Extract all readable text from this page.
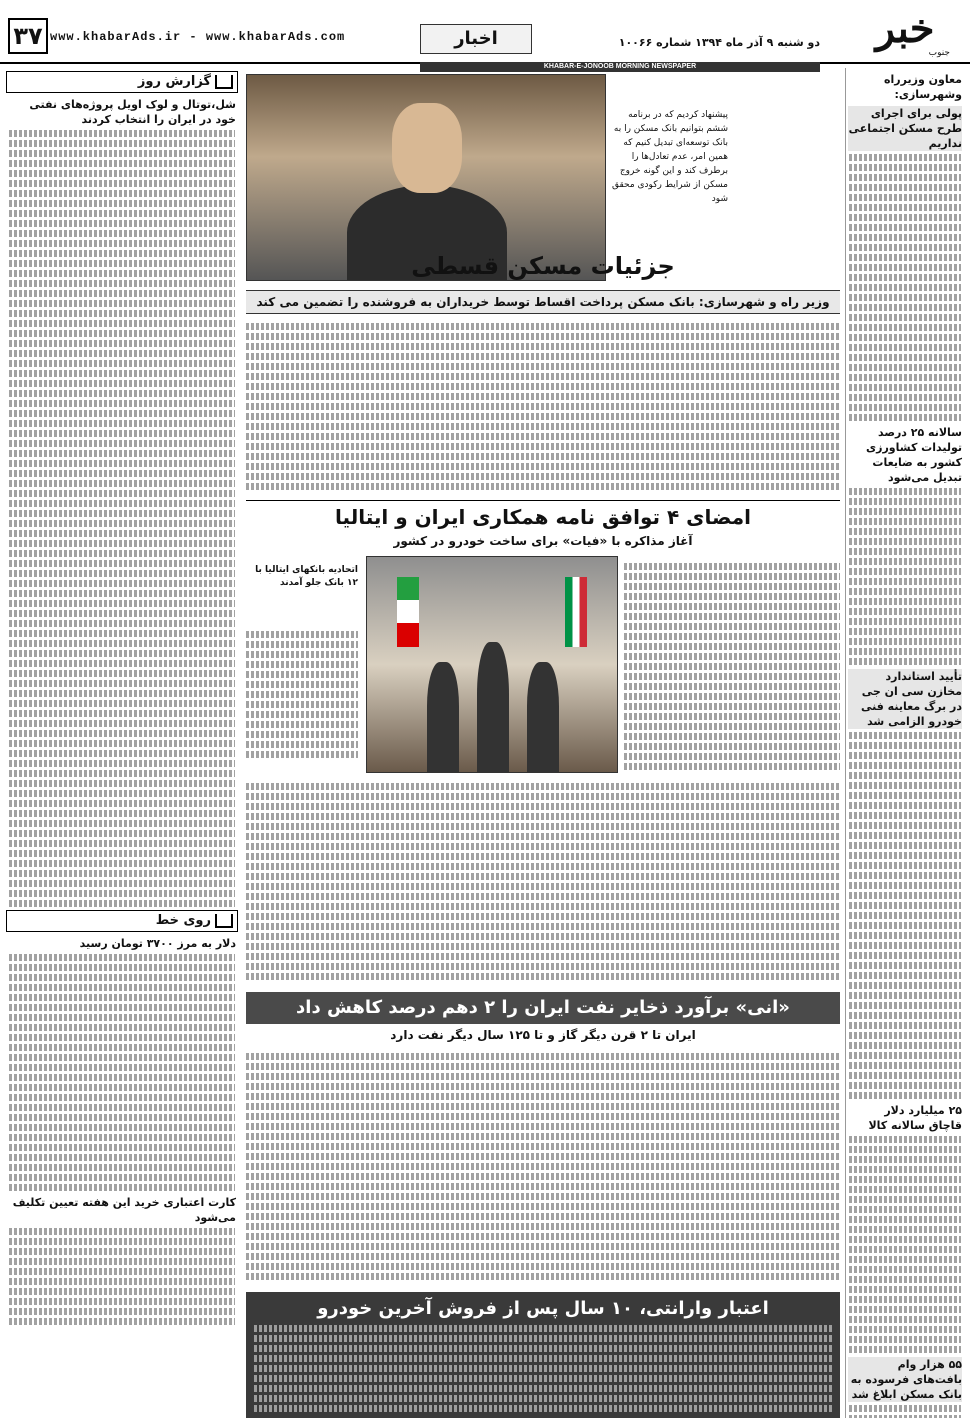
۳۷ www.khabarAds.ir - www.khabarAds.com	اخبار	دو شنبه ۹ آذر ماه ۱۳۹۴ شماره ۱۰۰۶۶	خبر
جنوب
KHABAR-E-JONOOB MORNING NEWSPAPER
معاون وزیرراه وشهرسازی:
پولی برای اجرای طرح مسکن اجتماعی نداریم
سالانه ۲۵ درصد تولیدات کشاورزی کشور به ضایعات تبدیل می‌شود
تأیید استاندارد مخازن سی ان جی در برگ معاینه فنی خودرو الزامی شد
۲۵ میلیارد دلار قاچاق سالانه کالا
۵۵ هزار وام بافت‌های فرسوده به بانک مسکن ابلاغ شد
گزارش روز
شل،توتال و لوک اویل پروژه‌های نفتی خود در ایران را انتخاب کردند
روی خط
دلار به مرز ۳۷۰۰ تومان رسید
کارت اعتباری خرید این هفته تعیین تکلیف می‌شود
پیشنهاد کردیم که در برنامه ششم بتوانیم بانک مسکن را به بانک توسعه‌ای تبدیل کنیم که همین امر، عدم تعادل‌ها را برطرف کند و این گونه خروج مسکن از شرایط رکودی محقق شود
جزئیات مسکن قسطی
وزیر راه و شهرسازی: بانک مسکن پرداخت اقساط توسط خریداران به فروشنده را تضمین می کند
امضای ۴ توافق نامه همکاری ایران و ایتالیا
آغاز مذاکره با «فیات» برای ساخت خودرو در کشور
اتحادیه بانکهای ایتالیا با ۱۲ بانک جلو آمدند
«انی» برآورد ذخایر نفت ایران را ۲ دهم درصد کاهش داد
ایران تا ۲ قرن دیگر گاز و تا ۱۲۵ سال دیگر نفت دارد
اعتبار وارانتی، ۱۰ سال پس از فروش آخرین خودرو
